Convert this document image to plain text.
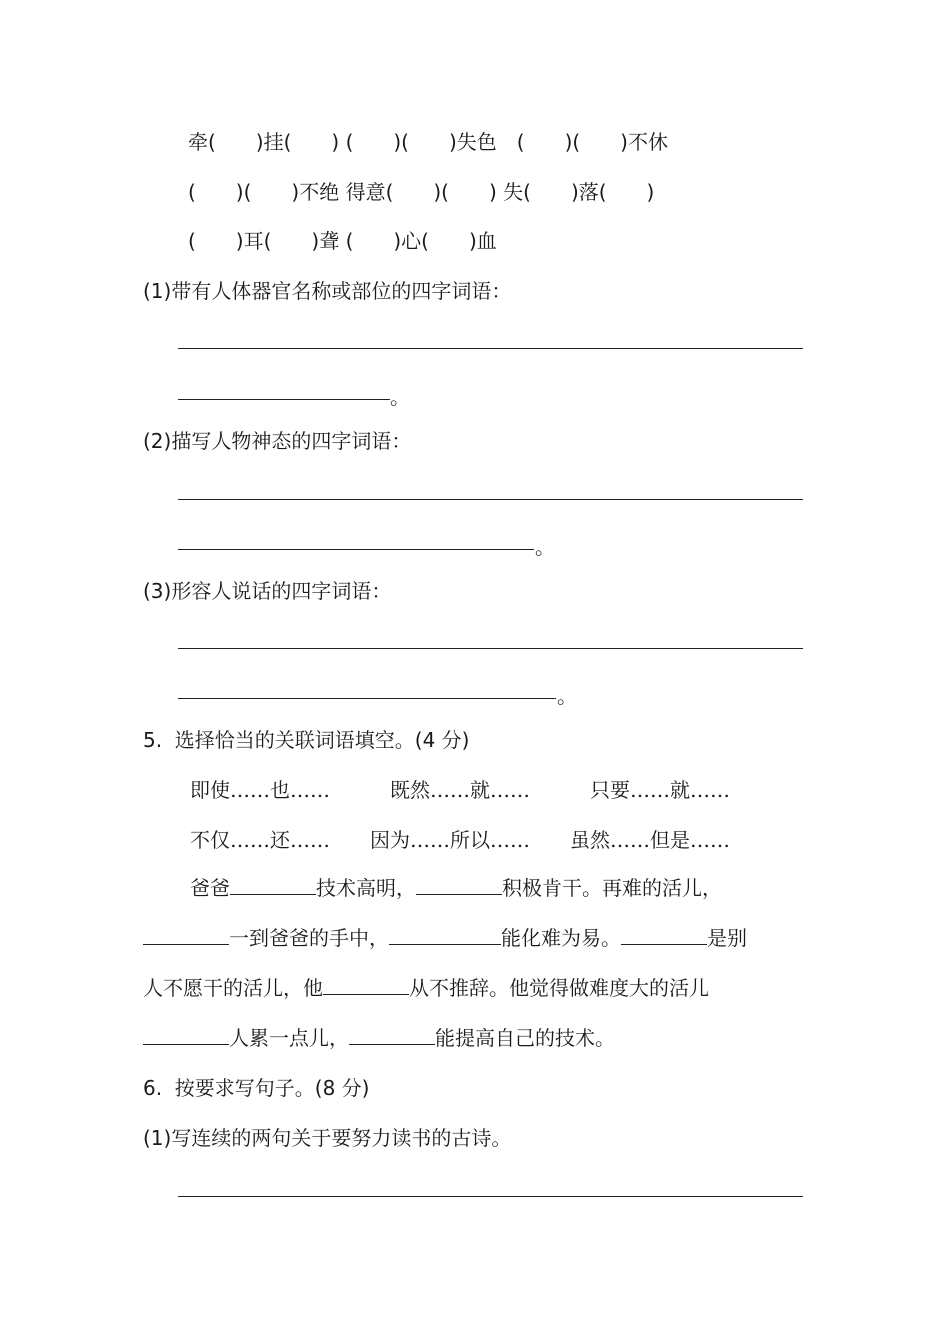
牵(　　)挂(　　) (　　)(　　)失色　(　　)(　　)不休

(　　)(　　)不绝 得意(　　)(　　) 失(　　)落(　　)

(　　)耳(　　)聋 (　　)心(　　)血

(1)带有人体器官名称或部位的四字词语：

。

(2)描写人物神态的四字词语：

。

(3)形容人说话的四字词语：

。

5.  选择恰当的关联词语填空。(4 分)

即使……也……　　　既然……就……　　　只要……就……

不仅……还……　　因为……所以……　　虽然……但是……

爸爸	技术高明，	积极肯干。再难的活儿，

一到爸爸的手中，	能化难为易。	是别

人不愿干的活儿，他	从不推辞。他觉得做难度大的活儿

人累一点儿，	能提高自己的技术。

6.  按要求写句子。(8 分)

(1)写连续的两句关于要努力读书的古诗。
